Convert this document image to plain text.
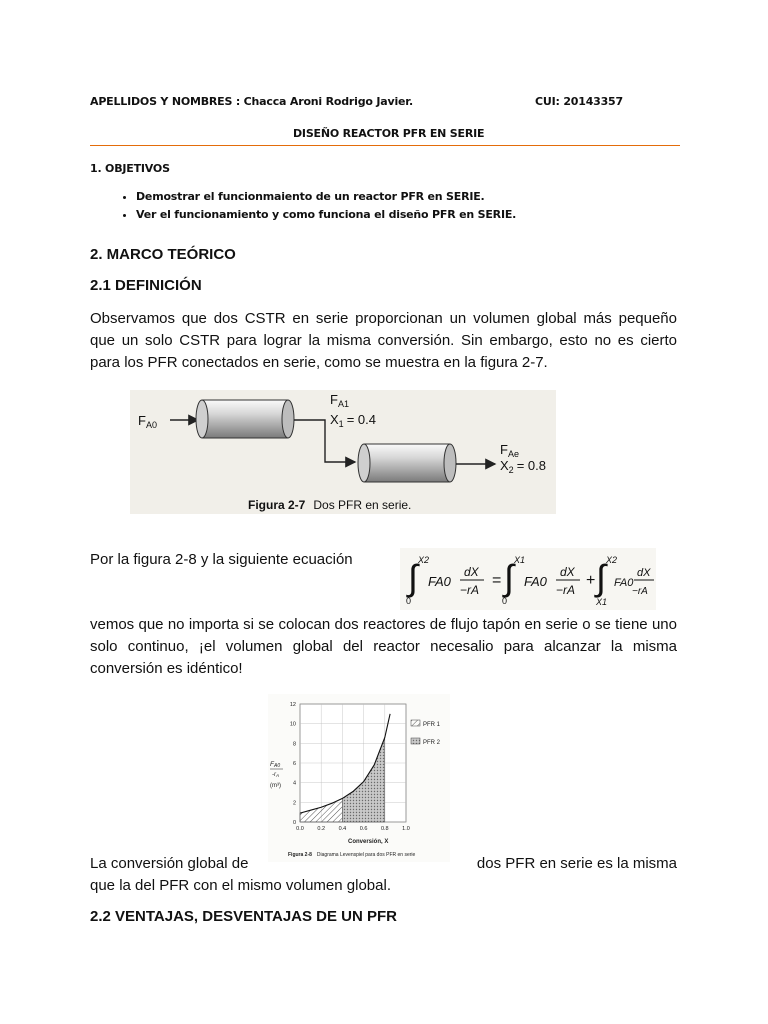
APELLIDOS Y NOMBRES : Chacca Aroni Rodrigo Javier.	CUI: 20143357
DISEÑO REACTOR PFR EN SERIE
1. OBJETIVOS
• Demostrar el funcionmaiento de un reactor PFR en SERIE.
• Ver el funcionamiento y como funciona el diseño PFR en SERIE.
2. MARCO TEÓRICO
2.1 DEFINICIÓN
Observamos que dos CSTR en serie proporcionan un volumen global más pequeño
que un solo CSTR para lograr la misma conversión. Sin embargo, esto no es cierto
para los PFR conectados en serie, como se muestra en la figura 2-7.
$F_{A0}$
$F_{A1}$
$X_1 = 0.4$
$F_{Ae}$
$X_2 = 0.8$
Figura 2-7 Dos PFR en serie.
Por la figura 2-8 y la siguiente ecuación ∫ X2
0
FA0
dX
−rA
= ∫ X1
0
FA0
dX
−rA
+ ∫ X2
X1
FA0
dX
−rA
vemos que no importa si se colocan dos reactores de flujo tapón en serie o se tiene uno
solo continuo, ¡el volumen global del reactor necesalio para alcanzar la misma
conversión es idéntico!
0
2
4
6
8
10
12
0.0 0.2 0.4 0.6 0.8 1.0
PFR 1
PFR 2
FA0
-rA
(m³)
Conversión, X
Figura 2-8 Diagrama Levenspiel para dos PFR en serie
La conversión global de	dos PFR en serie es la misma
que la del PFR con el mismo volumen global.
2.2 VENTAJAS, DESVENTAJAS DE UN PFR
